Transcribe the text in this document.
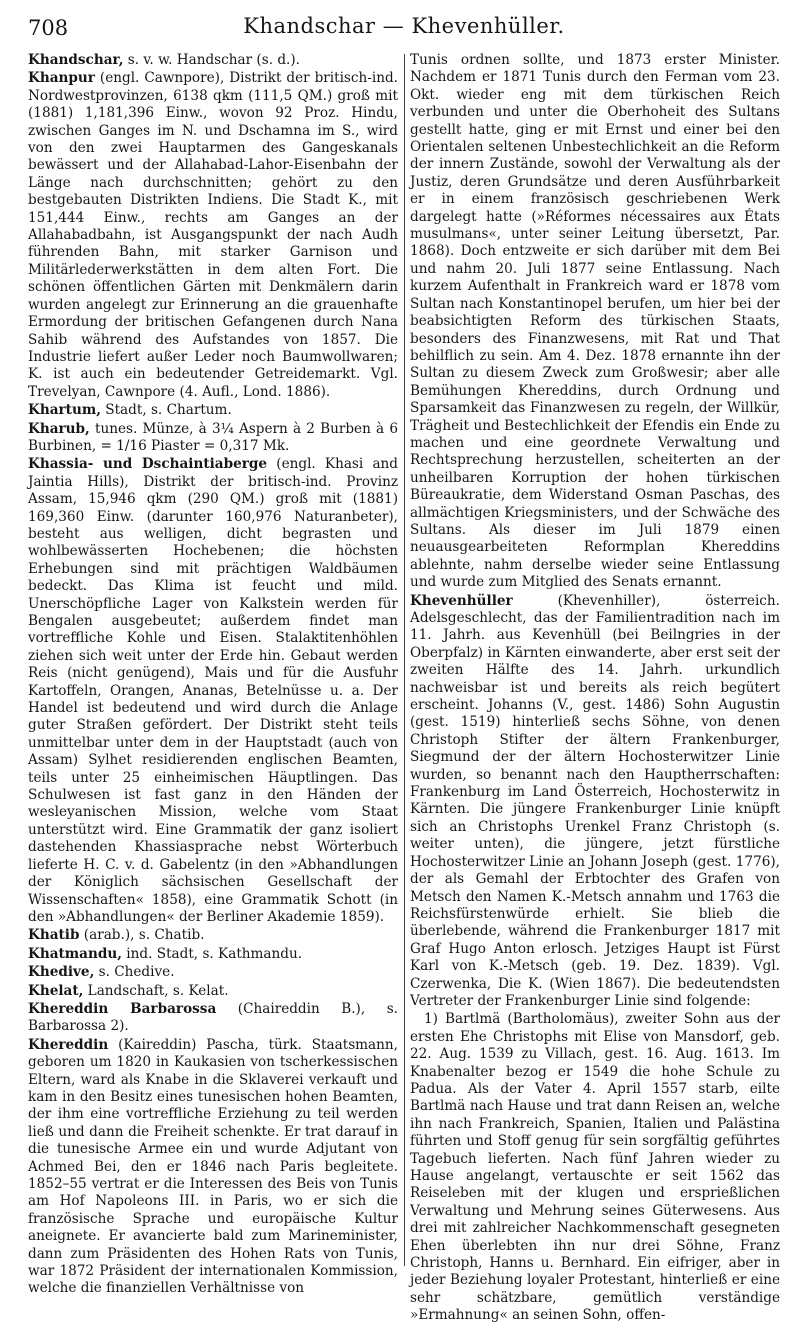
708	Khandschar — Khevenhüller.

Khandschar, s. v. w. Handschar (s. d.).

Khanpur (engl. Cawnpore), Distrikt der britisch-ind. Nordwestprovinzen, 6138 qkm (111,5 QM.) groß mit (1881) 1,181,396 Einw., wovon 92 Proz. Hindu, zwischen Ganges im N. und Dschamna im S., wird von den zwei Hauptarmen des Gangeskanals bewässert und der Allahabad-Lahor-Eisenbahn der Länge nach durchschnitten; gehört zu den bestgebauten Distrikten Indiens. Die Stadt K., mit 151,444 Einw., rechts am Ganges an der Allahabadbahn, ist Ausgangspunkt der nach Audh führenden Bahn, mit starker Garnison und Militärlederwerkstätten in dem alten Fort. Die schönen öffentlichen Gärten mit Denkmälern darin wurden angelegt zur Erinnerung an die grauenhafte Ermordung der britischen Gefangenen durch Nana Sahib während des Aufstandes von 1857. Die Industrie liefert außer Leder noch Baumwollwaren; K. ist auch ein bedeutender Getreidemarkt. Vgl. Trevelyan, Cawnpore (4. Aufl., Lond. 1886).

Khartum, Stadt, s. Chartum.

Kharub, tunes. Münze, à 3¼ Aspern à 2 Burben à 6 Burbinen, = 1/16 Piaster = 0,317 Mk.

Khassia- und Dschaintiaberge (engl. Khasi and Jaintia Hills), Distrikt der britisch-ind. Provinz Assam, 15,946 qkm (290 QM.) groß mit (1881) 169,360 Einw. (darunter 160,976 Naturanbeter), besteht aus welligen, dicht begrasten und wohlbewässerten Hochebenen; die höchsten Erhebungen sind mit prächtigen Waldbäumen bedeckt. Das Klima ist feucht und mild. Unerschöpfliche Lager von Kalkstein werden für Bengalen ausgebeutet; außerdem findet man vortreffliche Kohle und Eisen. Stalaktitenhöhlen ziehen sich weit unter der Erde hin. Gebaut werden Reis (nicht genügend), Mais und für die Ausfuhr Kartoffeln, Orangen, Ananas, Betelnüsse u. a. Der Handel ist bedeutend und wird durch die Anlage guter Straßen gefördert. Der Distrikt steht teils unmittelbar unter dem in der Hauptstadt (auch von Assam) Sylhet residierenden englischen Beamten, teils unter 25 einheimischen Häuptlingen. Das Schulwesen ist fast ganz in den Händen der wesleyanischen Mission, welche vom Staat unterstützt wird. Eine Grammatik der ganz isoliert dastehenden Khassiasprache nebst Wörterbuch lieferte H. C. v. d. Gabelentz (in den »Abhandlungen der Königlich sächsischen Gesellschaft der Wissenschaften« 1858), eine Grammatik Schott (in den »Abhandlungen« der Berliner Akademie 1859).

Khatib (arab.), s. Chatib.

Khatmandu, ind. Stadt, s. Kathmandu.

Khedive, s. Chedive.

Khelat, Landschaft, s. Kelat.

Khereddin Barbarossa (Chaireddin B.), s. Barbarossa 2).

Khereddin (Kaireddin) Pascha, türk. Staatsmann, geboren um 1820 in Kaukasien von tscherkessischen Eltern, ward als Knabe in die Sklaverei verkauft und kam in den Besitz eines tunesischen hohen Beamten, der ihm eine vortreffliche Erziehung zu teil werden ließ und dann die Freiheit schenkte. Er trat darauf in die tunesische Armee ein und wurde Adjutant von Achmed Bei, den er 1846 nach Paris begleitete. 1852–55 vertrat er die Interessen des Beis von Tunis am Hof Napoleons III. in Paris, wo er sich die französische Sprache und europäische Kultur aneignete. Er avancierte bald zum Marineminister, dann zum Präsidenten des Hohen Rats von Tunis, war 1872 Präsident der internationalen Kommission, welche die finanziellen Verhältnisse von

Tunis ordnen sollte, und 1873 erster Minister. Nachdem er 1871 Tunis durch den Ferman vom 23. Okt. wieder eng mit dem türkischen Reich verbunden und unter die Oberhoheit des Sultans gestellt hatte, ging er mit Ernst und einer bei den Orientalen seltenen Unbestechlichkeit an die Reform der innern Zustände, sowohl der Verwaltung als der Justiz, deren Grundsätze und deren Ausführbarkeit er in einem französisch geschriebenen Werk dargelegt hatte (»Réformes nécessaires aux États musulmans«, unter seiner Leitung übersetzt, Par. 1868). Doch entzweite er sich darüber mit dem Bei und nahm 20. Juli 1877 seine Entlassung. Nach kurzem Aufenthalt in Frankreich ward er 1878 vom Sultan nach Konstantinopel berufen, um hier bei der beabsichtigten Reform des türkischen Staats, besonders des Finanzwesens, mit Rat und That behilflich zu sein. Am 4. Dez. 1878 ernannte ihn der Sultan zu diesem Zweck zum Großwesir; aber alle Bemühungen Khereddins, durch Ordnung und Sparsamkeit das Finanzwesen zu regeln, der Willkür, Trägheit und Bestechlichkeit der Efendis ein Ende zu machen und eine geordnete Verwaltung und Rechtsprechung herzustellen, scheiterten an der unheilbaren Korruption der hohen türkischen Büreaukratie, dem Widerstand Osman Paschas, des allmächtigen Kriegsministers, und der Schwäche des Sultans. Als dieser im Juli 1879 einen neuausgearbeiteten Reformplan Khereddins ablehnte, nahm derselbe wieder seine Entlassung und wurde zum Mitglied des Senats ernannt.

Khevenhüller (Khevenhiller), österreich. Adelsgeschlecht, das der Familientradition nach im 11. Jahrh. aus Kevenhüll (bei Beilngries in der Oberpfalz) in Kärnten einwanderte, aber erst seit der zweiten Hälfte des 14. Jahrh. urkundlich nachweisbar ist und bereits als reich begütert erscheint. Johanns (V., gest. 1486) Sohn Augustin (gest. 1519) hinterließ sechs Söhne, von denen Christoph Stifter der ältern Frankenburger, Siegmund der der ältern Hochosterwitzer Linie wurden, so benannt nach den Hauptherrschaften: Frankenburg im Land Österreich, Hochosterwitz in Kärnten. Die jüngere Frankenburger Linie knüpft sich an Christophs Urenkel Franz Christoph (s. weiter unten), die jüngere, jetzt fürstliche Hochosterwitzer Linie an Johann Joseph (gest. 1776), der als Gemahl der Erbtochter des Grafen von Metsch den Namen K.-Metsch annahm und 1763 die Reichsfürstenwürde erhielt. Sie blieb die überlebende, während die Frankenburger 1817 mit Graf Hugo Anton erlosch. Jetziges Haupt ist Fürst Karl von K.-Metsch (geb. 19. Dez. 1839). Vgl. Czerwenka, Die K. (Wien 1867). Die bedeutendsten Vertreter der Frankenburger Linie sind folgende:

1) Bartlmä (Bartholomäus), zweiter Sohn aus der ersten Ehe Christophs mit Elise von Mansdorf, geb. 22. Aug. 1539 zu Villach, gest. 16. Aug. 1613. Im Knabenalter bezog er 1549 die hohe Schule zu Padua. Als der Vater 4. April 1557 starb, eilte Bartlmä nach Hause und trat dann Reisen an, welche ihn nach Frankreich, Spanien, Italien und Palästina führten und Stoff genug für sein sorgfältig geführtes Tagebuch lieferten. Nach fünf Jahren wieder zu Hause angelangt, vertauschte er seit 1562 das Reiseleben mit der klugen und ersprießlichen Verwaltung und Mehrung seines Güterwesens. Aus drei mit zahlreicher Nachkommenschaft gesegneten Ehen überlebten ihn nur drei Söhne, Franz Christoph, Hanns u. Bernhard. Ein eifriger, aber in jeder Beziehung loyaler Protestant, hinterließ er eine sehr schätzbare, gemütlich verständige »Ermahnung« an seinen Sohn, offen-
